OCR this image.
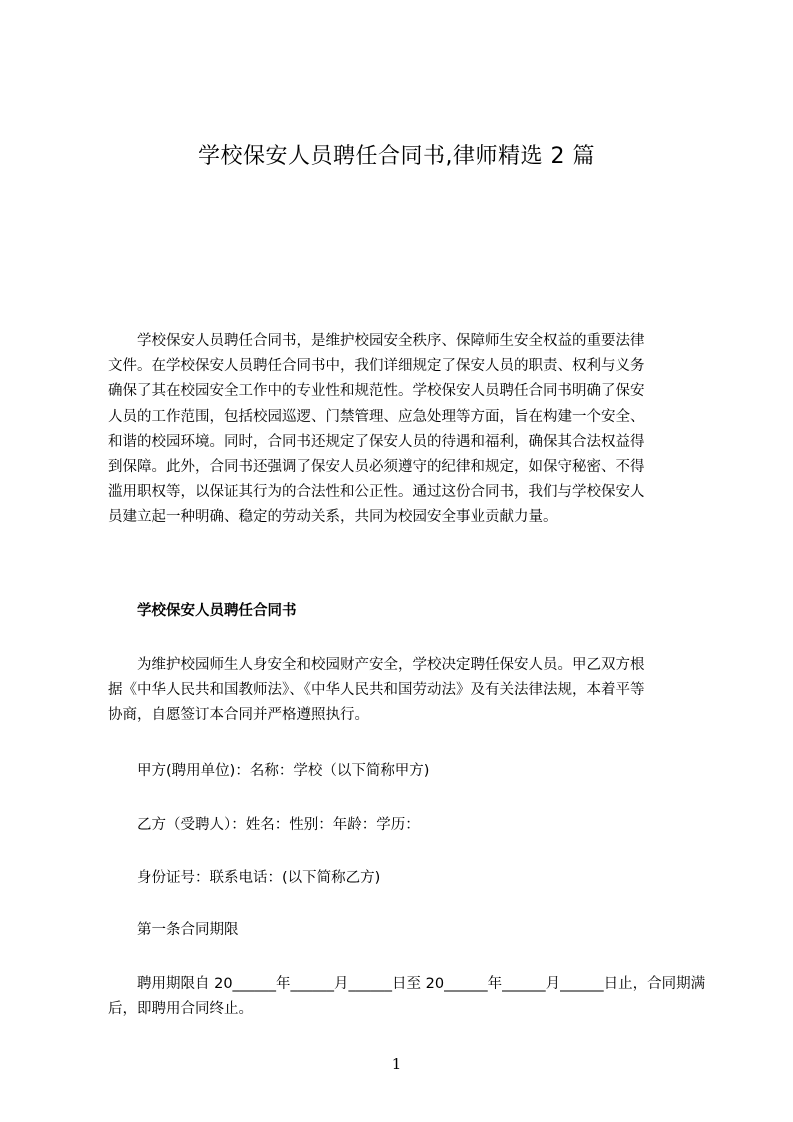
学校保安人员聘任合同书,律师精选 2 篇
　　学校保安人员聘任合同书，是维护校园安全秩序、保障师生安全权益的重要法律
文件。在学校保安人员聘任合同书中，我们详细规定了保安人员的职责、权利与义务
确保了其在校园安全工作中的专业性和规范性。学校保安人员聘任合同书明确了保安
人员的工作范围，包括校园巡逻、门禁管理、应急处理等方面，旨在构建一个安全、
和谐的校园环境。同时，合同书还规定了保安人员的待遇和福利，确保其合法权益得
到保障。此外，合同书还强调了保安人员必须遵守的纪律和规定，如保守秘密、不得
滥用职权等，以保证其行为的合法性和公正性。通过这份合同书，我们与学校保安人
员建立起一种明确、稳定的劳动关系，共同为校园安全事业贡献力量。
学校保安人员聘任合同书
　　为维护校园师生人身安全和校园财产安全，学校决定聘任保安人员。甲乙双方根
据《中华人民共和国教师法》、《中华人民共和国劳动法》及有关法律法规，本着平等
协商，自愿签订本合同并严格遵照执行。
甲方(聘用单位)：名称：学校（以下简称甲方)
乙方（受聘人）：姓名：性别：年龄：学历：
身份证号：联系电话：(以下简称乙方)
第一条合同期限
　　聘用期限自 20______年______月______日至 20______年______月______日止，合同期满
后，即聘用合同终止。
1
